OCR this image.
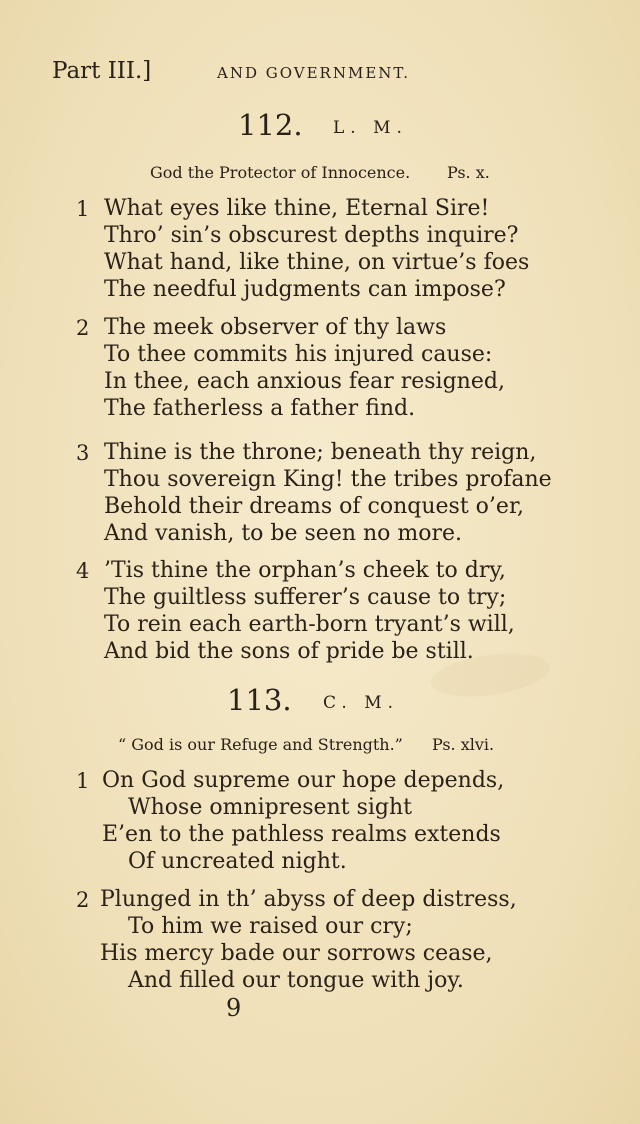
Part III.]	AND GOVERNMENT.
112. L. M.
God the Protector of Innocence. Ps. x.
1 What eyes like thine, Eternal Sire!
Thro’ sin’s obscurest depths inquire?
What hand, like thine, on virtue’s foes
The needful judgments can impose?
2 The meek observer of thy laws
To thee commits his injured cause:
In thee, each anxious fear resigned,
The fatherless a father find.
3 Thine is the throne; beneath thy reign,
Thou sovereign King! the tribes profane
Behold their dreams of conquest o’er,
And vanish, to be seen no more.
4 ’Tis thine the orphan’s cheek to dry,
The guiltless sufferer’s cause to try;
To rein each earth-born tryant’s will,
And bid the sons of pride be still.
113. C. M.
“ God is our Refuge and Strength.” Ps. xlvi.
1 On God supreme our hope depends,
Whose omnipresent sight
E’en to the pathless realms extends
Of uncreated night.
2 Plunged in th’ abyss of deep distress,
To him we raised our cry;
His mercy bade our sorrows cease,
And filled our tongue with joy.
9
